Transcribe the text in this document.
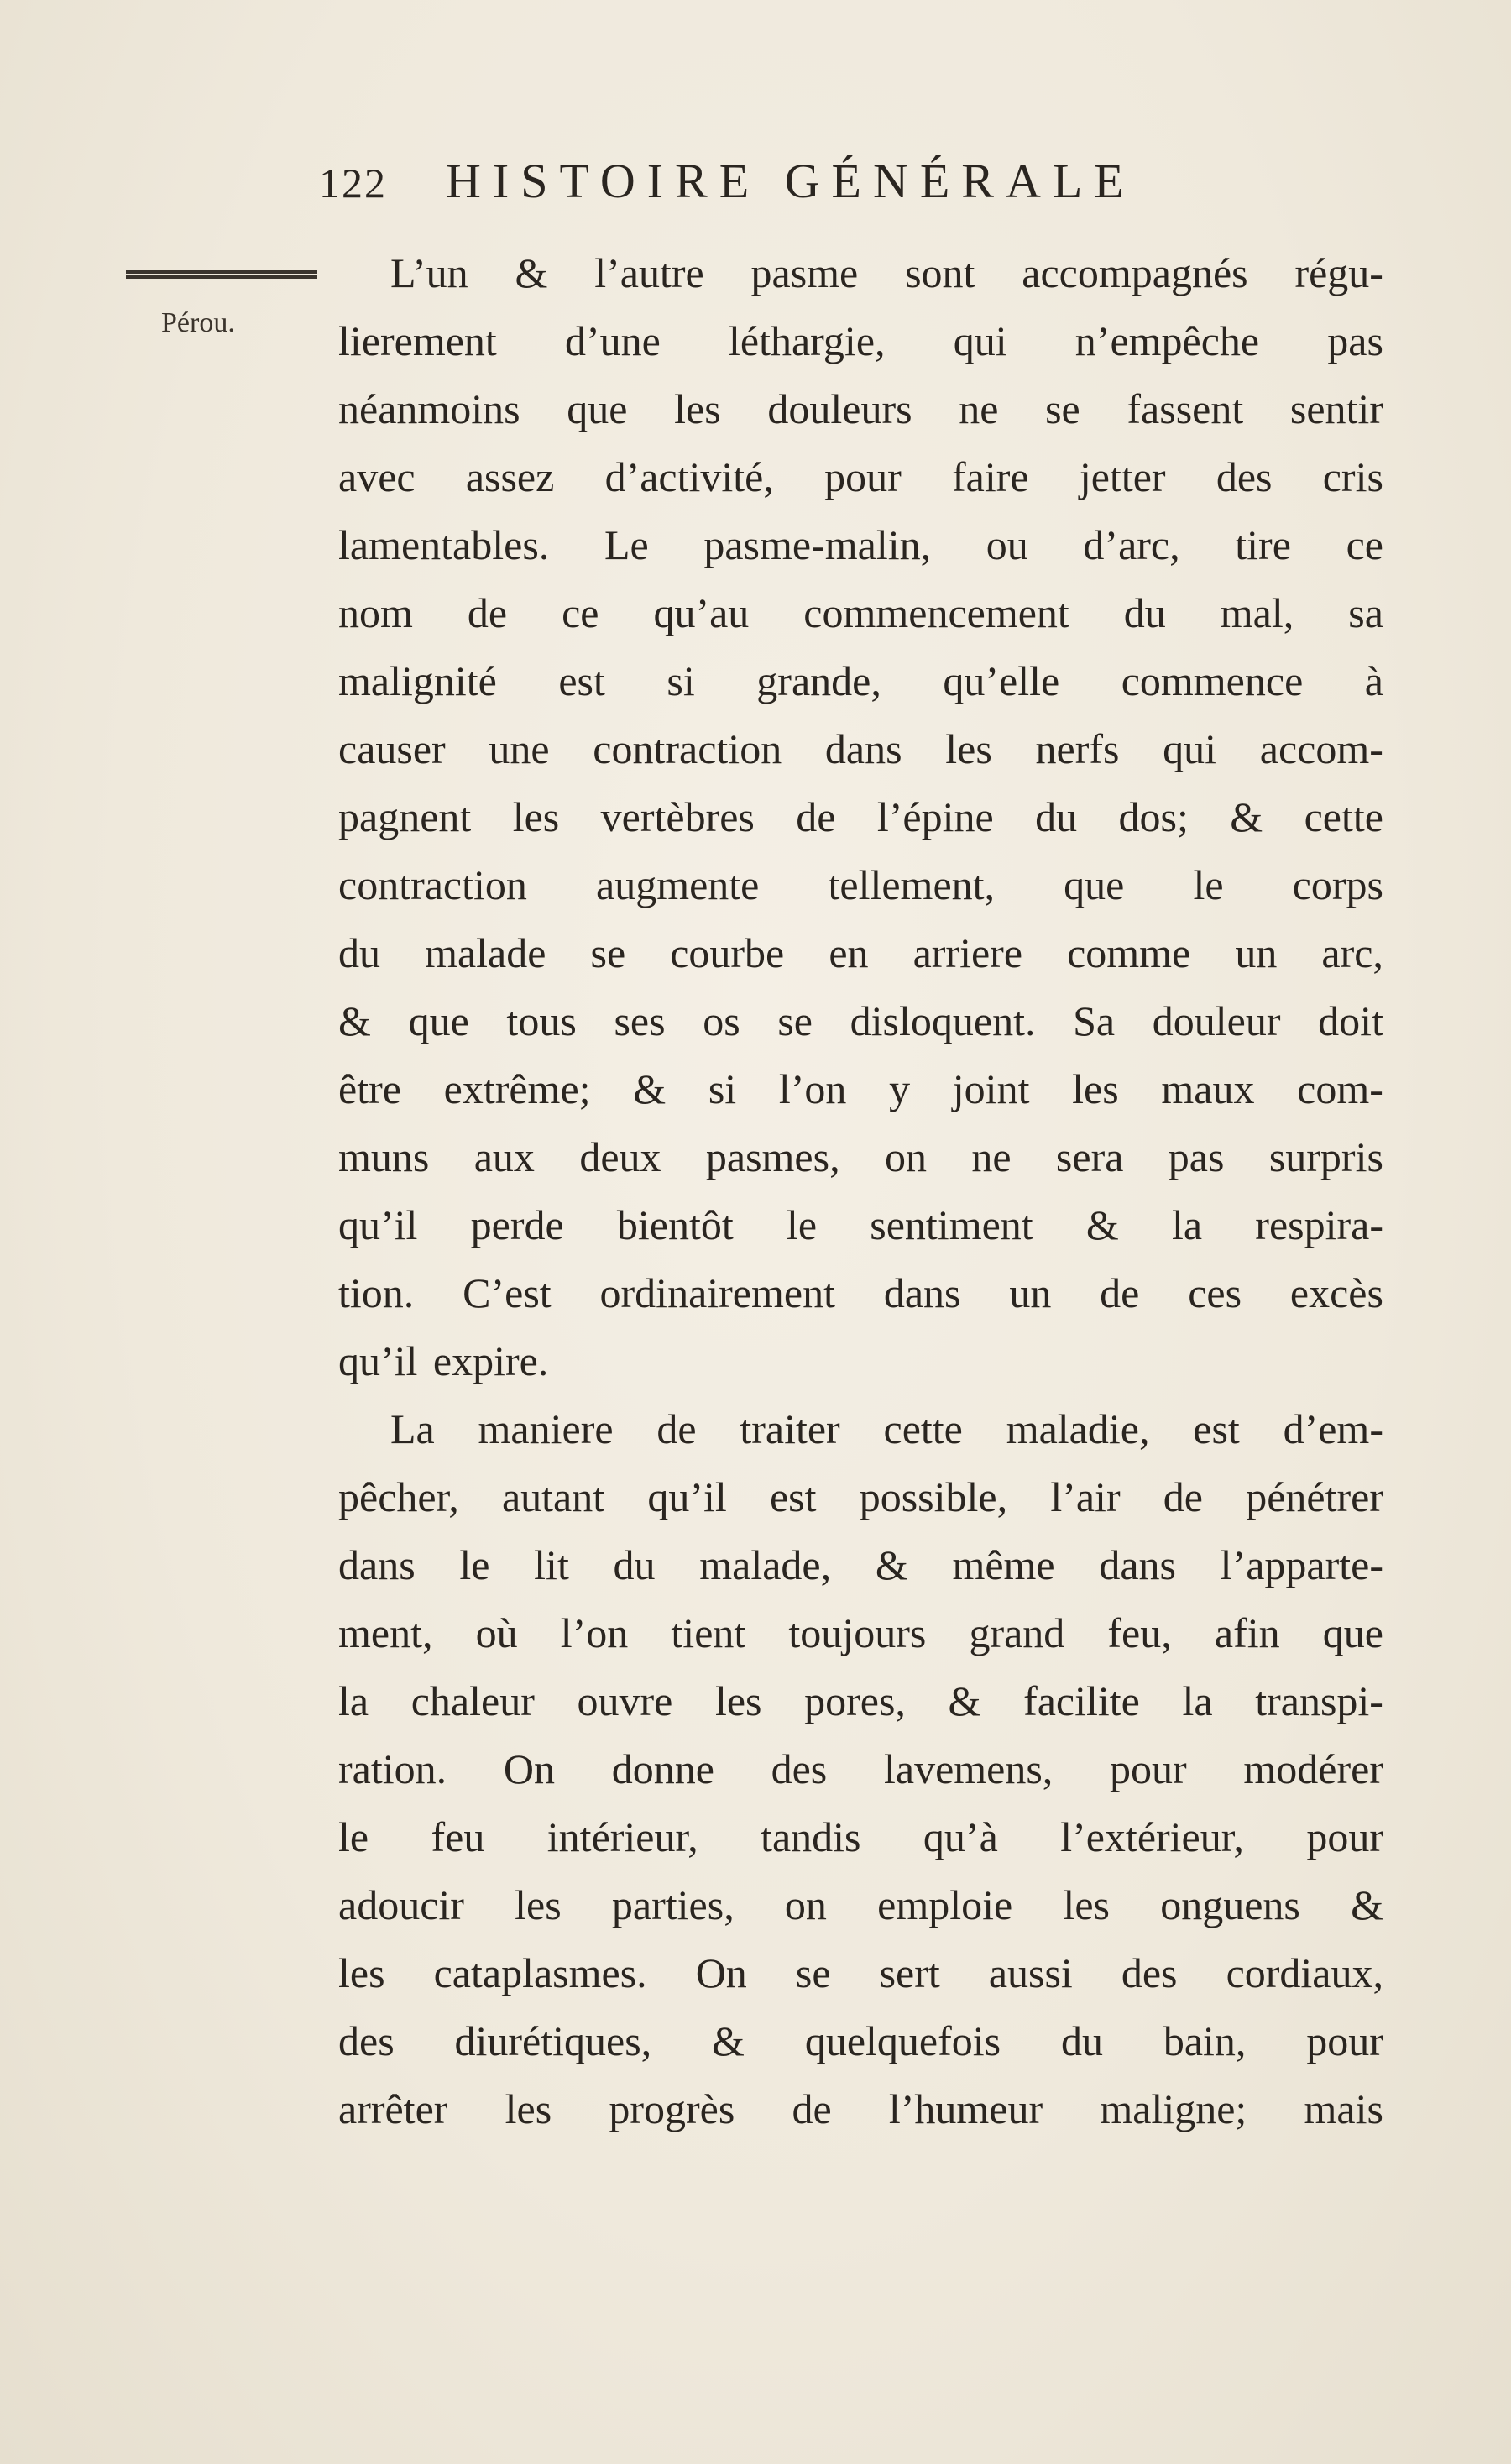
122 HISTOIRE GÉNÉRALE
Pérou.
L’un & l’autre pasme sont accompagnés régu-
lierement d’une léthargie, qui n’empêche pas
néanmoins que les douleurs ne se fassent sentir
avec assez d’activité, pour faire jetter des cris
lamentables. Le pasme-malin, ou d’arc, tire ce
nom de ce qu’au commencement du mal, sa
malignité est si grande, qu’elle commence à
causer une contraction dans les nerfs qui accom-
pagnent les vertèbres de l’épine du dos; & cette
contraction augmente tellement, que le corps
du malade se courbe en arriere comme un arc,
& que tous ses os se disloquent. Sa douleur doit
être extrême; & si l’on y joint les maux com-
muns aux deux pasmes, on ne sera pas surpris
qu’il perde bientôt le sentiment & la respira-
tion. C’est ordinairement dans un de ces excès
qu’il expire.
La maniere de traiter cette maladie, est d’em-
pêcher, autant qu’il est possible, l’air de pénétrer
dans le lit du malade, & même dans l’apparte-
ment, où l’on tient toujours grand feu, afin que
la chaleur ouvre les pores, & facilite la transpi-
ration. On donne des lavemens, pour modérer
le feu intérieur, tandis qu’à l’extérieur, pour
adoucir les parties, on emploie les onguens &
les cataplasmes. On se sert aussi des cordiaux,
des diurétiques, & quelquefois du bain, pour
arrêter les progrès de l’humeur maligne; mais
